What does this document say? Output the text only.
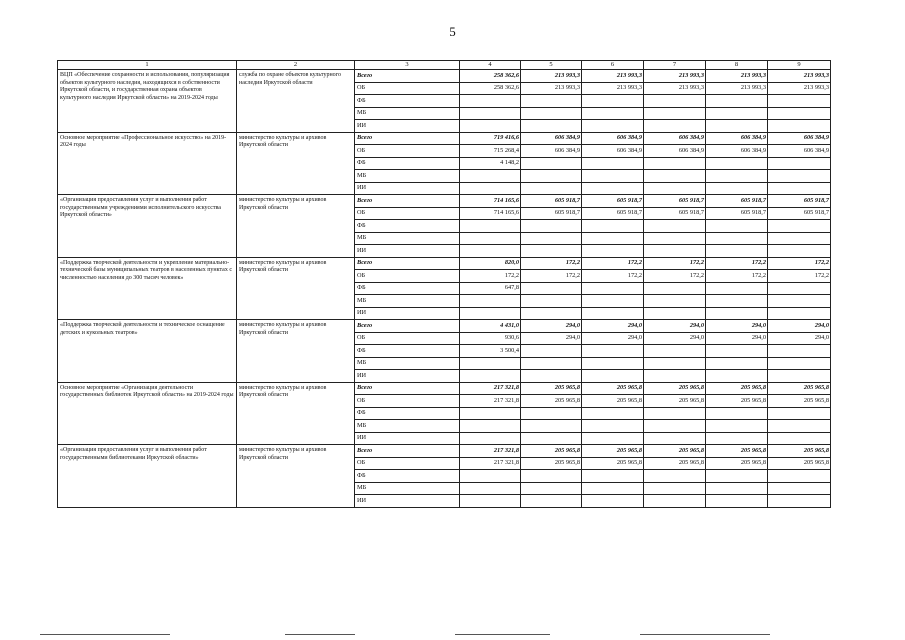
5
1	2	3	4	5	6	7	8	9
ВЦП «Обеспечение сохранности и использования, популяризация объектов культурного наследия, находящихся в собственности Иркутской области, и государственная охрана объектов культурного наследия Иркутской области» на 2019-2024 годы	служба по охране объектов культурного наследия Иркутской области	Всего	258 362,6	213 993,3	213 993,3	213 993,3	213 993,3	213 993,3
		ОБ	258 362,6	213 993,3	213 993,3	213 993,3	213 993,3	213 993,3
		ФБ						
		МБ						
		ИИ						
Основное мероприятие «Профессиональное искусство» на 2019-2024 годы	министерство культуры и архивов Иркутской области	Всего	719 416,6	606 384,9	606 384,9	606 384,9	606 384,9	606 384,9
		ОБ	715 268,4	606 384,9	606 384,9	606 384,9	606 384,9	606 384,9
		ФБ	4 148,2					
		МБ						
		ИИ						
«Организация предоставления услуг и выполнения работ государственными учреждениями исполнительского искусства Иркутской области»	министерство культуры и архивов Иркутской области	Всего	714 165,6	605 918,7	605 918,7	605 918,7	605 918,7	605 918,7
		ОБ	714 165,6	605 918,7	605 918,7	605 918,7	605 918,7	605 918,7
		ФБ						
		МБ						
		ИИ						
«Поддержка творческой деятельности и укрепление материально-технической базы муниципальных театров в населенных пунктах с численностью населения до 300 тысяч человек»	министерство культуры и архивов Иркутской области	Всего	820,0	172,2	172,2	172,2	172,2	172,2
		ОБ	172,2	172,2	172,2	172,2	172,2	172,2
		ФБ	647,8					
		МБ						
		ИИ						
«Поддержка творческой деятельности и техническое оснащение детских и кукольных театров»	министерство культуры и архивов Иркутской области	Всего	4 431,0	294,0	294,0	294,0	294,0	294,0
		ОБ	930,6	294,0	294,0	294,0	294,0	294,0
		ФБ	3 500,4					
		МБ						
		ИИ						
Основное мероприятие «Организация деятельности государственных библиотек Иркутской области» на 2019-2024 годы	министерство культуры и архивов Иркутской области	Всего	217 321,8	205 965,8	205 965,8	205 965,8	205 965,8	205 965,8
		ОБ	217 321,8	205 965,8	205 965,8	205 965,8	205 965,8	205 965,8
		ФБ						
		МБ						
		ИИ						
«Организация предоставления услуг и выполнения работ государственными библиотеками Иркутской области»	министерство культуры и архивов Иркутской области	Всего	217 321,8	205 965,8	205 965,8	205 965,8	205 965,8	205 965,8
		ОБ	217 321,8	205 965,8	205 965,8	205 965,8	205 965,8	205 965,8
		ФБ						
		МБ						
		ИИ						
